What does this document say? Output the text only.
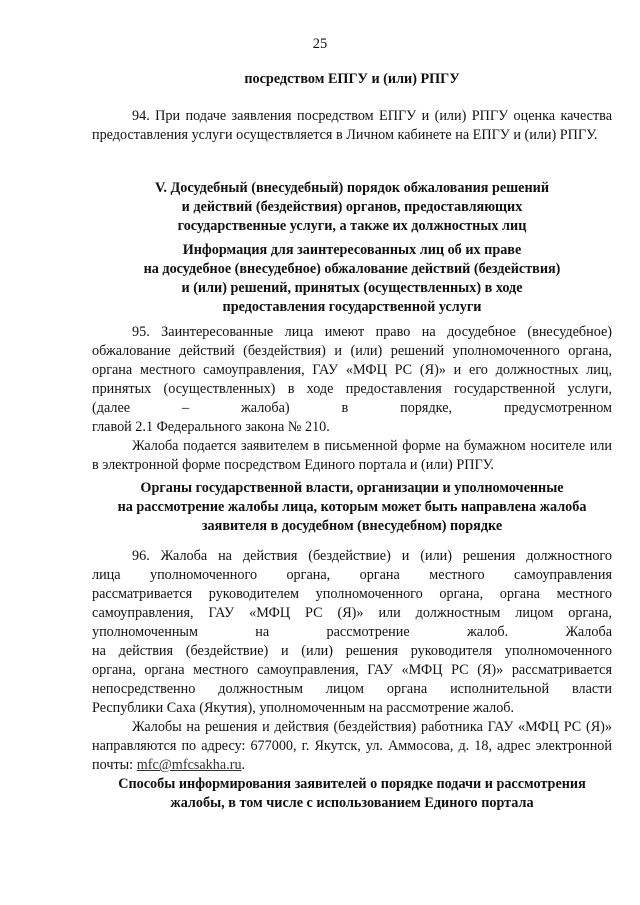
25
посредством ЕПГУ и (или) РПГУ
94. При подаче заявления посредством ЕПГУ и (или) РПГУ оценка качества предоставления услуги осуществляется в Личном кабинете на ЕПГУ и (или) РПГУ.
V. Досудебный (внесудебный) порядок обжалования решений
и действий (бездействия) органов, предоставляющих
государственные услуги, а также их должностных лиц
Информация для заинтересованных лиц об их праве
на досудебное (внесудебное) обжалование действий (бездействия)
и (или) решений, принятых (осуществленных) в ходе
предоставления государственной услуги
95. Заинтересованные лица имеют право на досудебное (внесудебное)
обжалование действий (бездействия) и (или) решений уполномоченного органа,
органа местного самоуправления, ГАУ «МФЦ РС (Я)» и его должностных лиц,
принятых (осуществленных) в ходе предоставления государственной услуги,
(далее – жалоба) в порядке, предусмотренном
главой 2.1 Федерального закона № 210.
Жалоба подается заявителем в письменной форме на бумажном носителе или в электронной форме посредством Единого портала и (или) РПГУ.
Органы государственной власти, организации и уполномоченные
на рассмотрение жалобы лица, которым может быть направлена жалоба
заявителя в досудебном (внесудебном) порядке
96. Жалоба на действия (бездействие) и (или) решения должностного
лица уполномоченного органа, органа местного самоуправления
рассматривается руководителем уполномоченного органа, органа местного
самоуправления, ГАУ «МФЦ РС (Я)» или должностным лицом органа,
уполномоченным на рассмотрение жалоб. Жалоба
на действия (бездействие) и (или) решения руководителя уполномоченного
органа, органа местного самоуправления, ГАУ «МФЦ РС (Я)» рассматривается
непосредственно должностным лицом органа исполнительной власти
Республики Саха (Якутия), уполномоченным на рассмотрение жалоб.
Жалобы на решения и действия (бездействия) работника ГАУ «МФЦ РС (Я)» направляются по адресу: 677000, г. Якутск, ул. Аммосова, д. 18, адрес электронной почты: mfc@mfcsakha.ru.
Способы информирования заявителей о порядке подачи и рассмотрения
жалобы, в том числе с использованием Единого портала
